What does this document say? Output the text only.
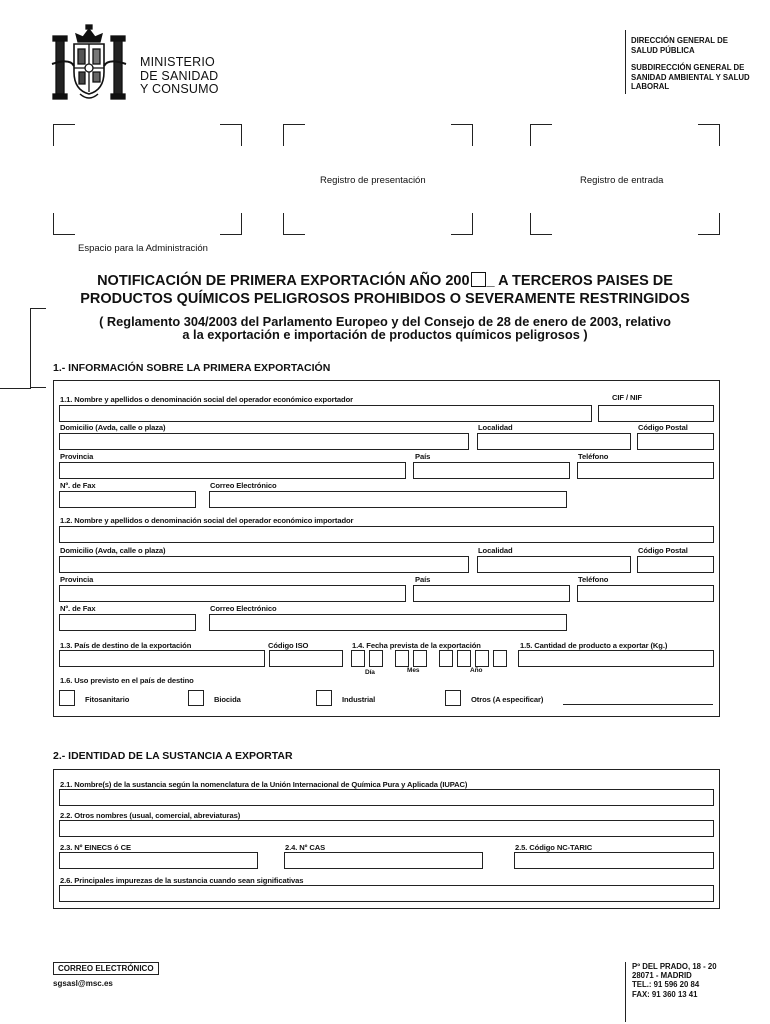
MINISTERIO
DE SANIDAD
Y CONSUMO
DIRECCIÓN GENERAL DE
SALUD PÚBLICA
SUBDIRECCIÓN GENERAL DE
SANIDAD AMBIENTAL Y SALUD
LABORAL
Registro de presentación	Registro de entrada
Espacio para la Administración
NOTIFICACIÓN DE PRIMERA EXPORTACIÓN AÑO 200 _ A TERCEROS PAISES DE
PRODUCTOS QUÍMICOS PELIGROSOS PROHIBIDOS O SEVERAMENTE RESTRINGIDOS
( Reglamento 304/2003 del Parlamento Europeo y del Consejo de 28 de enero de 2003, relativo
a la exportación e importación de productos químicos peligrosos )
1.- INFORMACIÓN SOBRE LA PRIMERA EXPORTACIÓN
1.1. Nombre y apellidos o denominación social del operador económico exportador	CIF / NIF
Domicilio (Avda, calle o plaza)	Localidad	Código Postal
Provincia	País	Teléfono
Nº. de Fax	Correo Electrónico
1.2. Nombre y apellidos o denominación social del operador económico importador
Domicilio (Avda, calle o plaza)	Localidad	Código Postal
Provincia	País	Teléfono
Nº. de Fax	Correo Electrónico
1.3. País de destino de la exportación	Código ISO	1.4. Fecha prevista de la exportación	1.5. Cantidad de producto a exportar (Kg.)
Día	Mes	Año
1.6. Uso previsto en el país de destino
Fitosanitario	Biocida	Industrial	Otros (A especificar)
2.- IDENTIDAD DE LA SUSTANCIA A EXPORTAR
2.1. Nombre(s) de la sustancia según la nomenclatura de la Unión Internacional de Química Pura y Aplicada (IUPAC)
2.2. Otros nombres (usual, comercial, abreviaturas)
2.3. Nº EINECS ó CE	2.4. Nº CAS	2.5. Código NC-TARIC
2.6. Principales impurezas de la sustancia cuando sean significativas
CORREO ELECTRÓNICO
sgsasl@msc.es
Pº DEL PRADO, 18 - 20
28071 - MADRID
TEL.: 91 596 20 84
FAX: 91 360 13 41
